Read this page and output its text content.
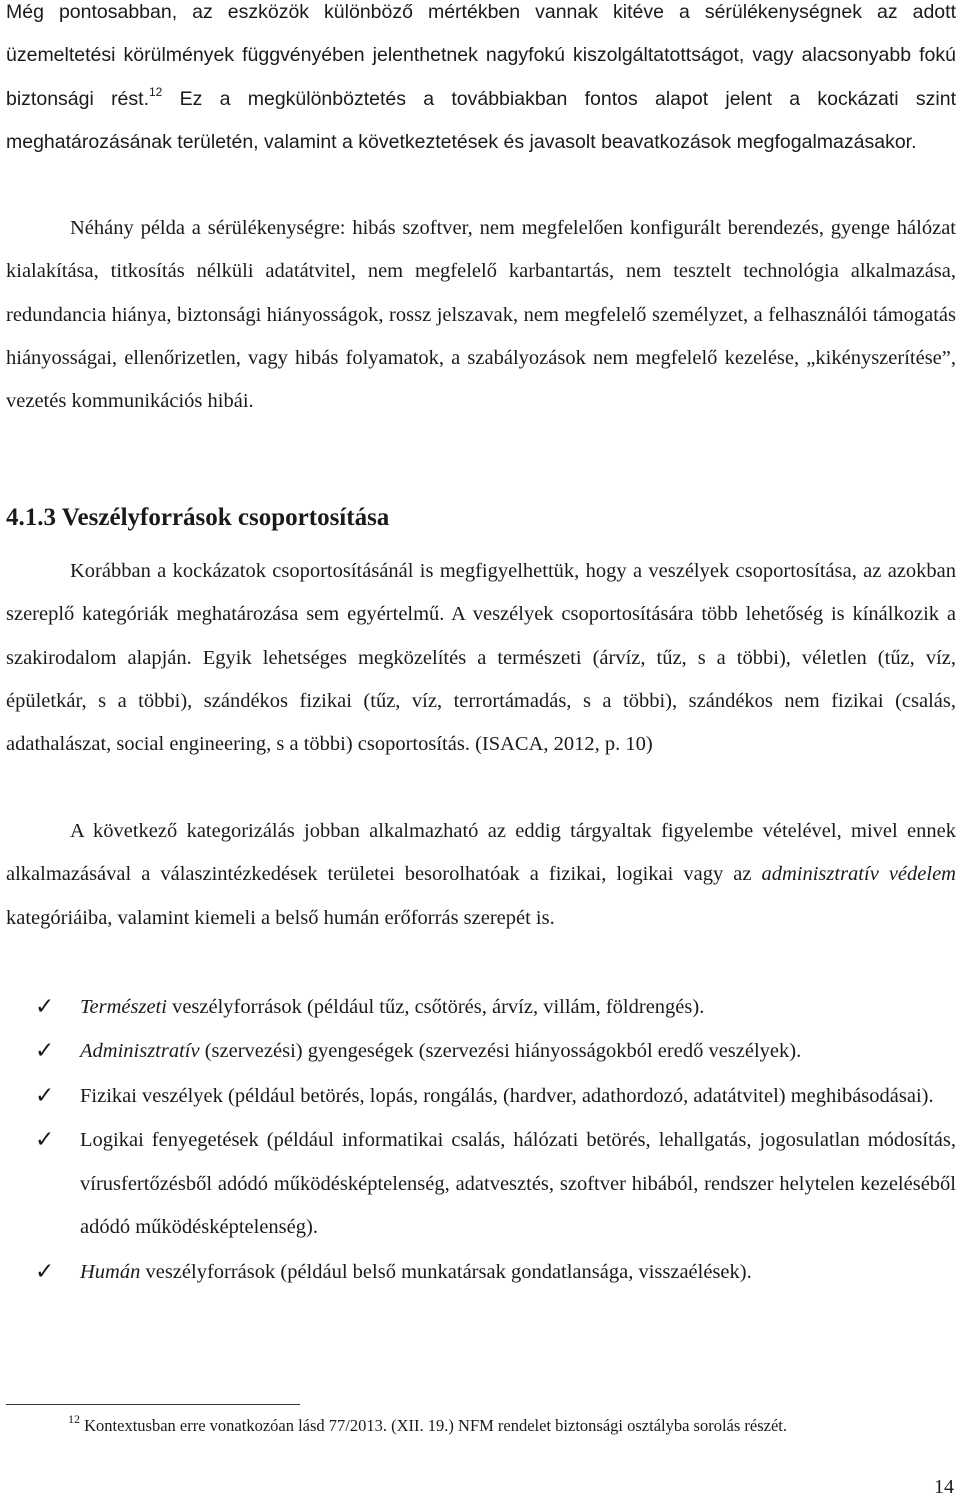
Még pontosabban, az eszközök különböző mértékben vannak kitéve a sérülékenységnek az adott üzemeltetési körülmények függvényében jelenthetnek nagyfokú kiszolgáltatottságot, vagy alacsonyabb fokú biztonsági rést.$^{12}$ Ez a megkülönböztetés a továbbiakban fontos alapot jelent a kockázati szint meghatározásának területén, valamint a következtetések és javasolt beavatkozások megfogalmazásakor.

Néhány példa a sérülékenységre: hibás szoftver, nem megfelelően konfigurált berendezés, gyenge hálózat kialakítása, titkosítás nélküli adatátvitel, nem megfelelő karbantartás, nem tesztelt technológia alkalmazása, redundancia hiánya, biztonsági hiányosságok, rossz jelszavak, nem megfelelő személyzet, a felhasználói támogatás hiányosságai, ellenőrizetlen, vagy hibás folyamatok, a szabályozások nem megfelelő kezelése, „kikényszerítése”, vezetés kommunikációs hibái.

4.1.3 Veszélyforrások csoportosítása

Korábban a kockázatok csoportosításánál is megfigyelhettük, hogy a veszélyek csoportosítása, az azokban szereplő kategóriák meghatározása sem egyértelmű. A veszélyek csoportosítására több lehetőség is kínálkozik a szakirodalom alapján. Egyik lehetséges megközelítés a természeti (árvíz, tűz, s a többi), véletlen (tűz, víz, épületkár, s a többi), szándékos fizikai (tűz, víz, terrortámadás, s a többi), szándékos nem fizikai (csalás, adathalászat, social engineering, s a többi) csoportosítás. (ISACA, 2012, p. 10)

A következő kategorizálás jobban alkalmazható az eddig tárgyaltak figyelembe vételével, mivel ennek alkalmazásával a válaszintézkedések területei besorolhatóak a fizikai, logikai vagy az adminisztratív védelem kategóriáiba, valamint kiemeli a belső humán erőforrás szerepét is.

✓ Természeti veszélyforrások (például tűz, csőtörés, árvíz, villám, földrengés).
✓ Adminisztratív (szervezési) gyengeségek (szervezési hiányosságokból eredő veszélyek).
✓ Fizikai veszélyek (például betörés, lopás, rongálás, (hardver, adathordozó, adatátvitel) meghibásodásai).
✓ Logikai fenyegetések (például informatikai csalás, hálózati betörés, lehallgatás, jogosulatlan módosítás, vírusfertőzésből adódó működésképtelenség, adatvesztés, szoftver hibából, rendszer helytelen kezeléséből adódó működésképtelenség).
✓ Humán veszélyforrások (például belső munkatársak gondatlansága, visszaélések).

$^{12}$ Kontextusban erre vonatkozóan lásd 77/2013. (XII. 19.) NFM rendelet biztonsági osztályba sorolás részét.

14
